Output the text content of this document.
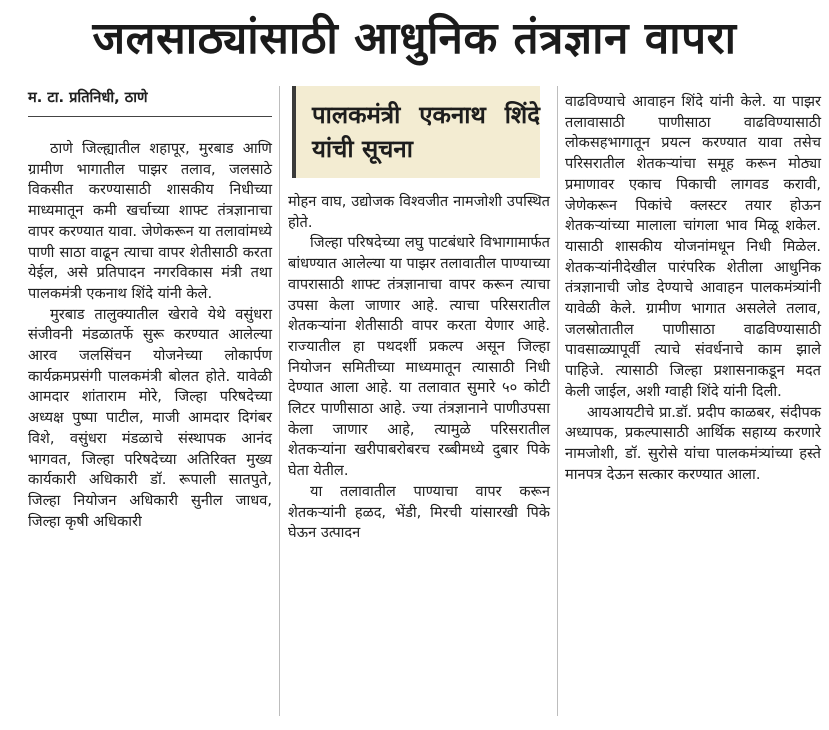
जलसाठ्यांसाठी आधुनिक तंत्रज्ञान वापरा
म. टा. प्रतिनिधी, ठाणे

ठाणे जिल्ह्यातील शहापूर, मुरबाड आणि ग्रामीण भागातील पाझर तलाव, जलसाठे विकसीत करण्यासाठी शासकीय निधीच्या माध्यमातून कमी खर्चाच्या शाफ्ट तंत्रज्ञानाचा वापर करण्यात यावा. जेणेकरून या तलावांमध्ये पाणी साठा वाढून त्याचा वापर शेतीसाठी करता येईल, असे प्रतिपादन नगरविकास मंत्री तथा पालकमंत्री एकनाथ शिंदे यांनी केले.

मुरबाड तालुक्यातील खेरावे येथे वसुंधरा संजीवनी मंडळातर्फे सुरू करण्यात आलेल्या आरव जलसिंचन योजनेच्या लोकार्पण कार्यक्रमप्रसंगी पालकमंत्री बोलत होते. यावेळी आमदार शांताराम मोरे, जिल्हा परिषदेच्या अध्यक्ष पुष्पा पाटील, माजी आमदार दिगंबर विशे, वसुंधरा मंडळाचे संस्थापक आनंद भागवत, जिल्हा परिषदेच्या अतिरिक्त मुख्य कार्यकारी अधिकारी डॉ. रूपाली सातपुते, जिल्हा नियोजन अधिकारी सुनील जाधव, जिल्हा कृषी अधिकारी

पालकमंत्री एकनाथ शिंदे यांची सूचना

मोहन वाघ, उद्योजक विश्वजीत नामजोशी उपस्थित होते.

जिल्हा परिषदेच्या लघु पाटबंधारे विभागामार्फत बांधण्यात आलेल्या या पाझर तलावातील पाण्याच्या वापरासाठी शाफ्ट तंत्रज्ञानाचा वापर करून त्याचा उपसा केला जाणार आहे. त्याचा परिसरातील शेतकऱ्यांना शेतीसाठी वापर करता येणार आहे. राज्यातील हा पथदर्शी प्रकल्प असून जिल्हा नियोजन समितीच्या माध्यमातून त्यासाठी निधी देण्यात आला आहे. या तलावात सुमारे ५० कोटी लिटर पाणीसाठा आहे. ज्या तंत्रज्ञानाने पाणीउपसा केला जाणार आहे, त्यामुळे परिसरातील शेतकऱ्यांना खरीपाबरोबरच रब्बीमध्ये दुबार पिके घेता येतील.

या तलावातील पाण्याचा वापर करून शेतकऱ्यांनी हळद, भेंडी, मिरची यांसारखी पिके घेऊन उत्पादन

वाढविण्याचे आवाहन शिंदे यांनी केले. या पाझर तलावासाठी पाणीसाठा वाढविण्यासाठी लोकसहभागातून प्रयत्न करण्यात यावा तसेच परिसरातील शेतकऱ्यांचा समूह करून मोठ्या प्रमाणावर एकाच पिकाची लागवड करावी, जेणेकरून पिकांचे क्लस्टर तयार होऊन शेतकऱ्यांच्या मालाला चांगला भाव मिळू शकेल. यासाठी शासकीय योजनांमधून निधी मिळेल. शेतकऱ्यांनीदेखील पारंपरिक शेतीला आधुनिक तंत्रज्ञानाची जोड देण्याचे आवाहन पालकमंत्र्यांनी यावेळी केले. ग्रामीण भागात असलेले तलाव, जलस्रोतातील पाणीसाठा वाढविण्यासाठी पावसाळ्यापूर्वी त्याचे संवर्धनाचे काम झाले पाहिजे. त्यासाठी जिल्हा प्रशासनाकडून मदत केली जाईल, अशी ग्वाही शिंदे यांनी दिली.

आयआयटीचे प्रा.डॉ. प्रदीप काळबर, संदीपक अध्यापक, प्रकल्पासाठी आर्थिक सहाय्य करणारे नामजोशी, डॉ. सुरोसे यांचा पालकमंत्र्यांच्या हस्ते मानपत्र देऊन सत्कार करण्यात आला.
